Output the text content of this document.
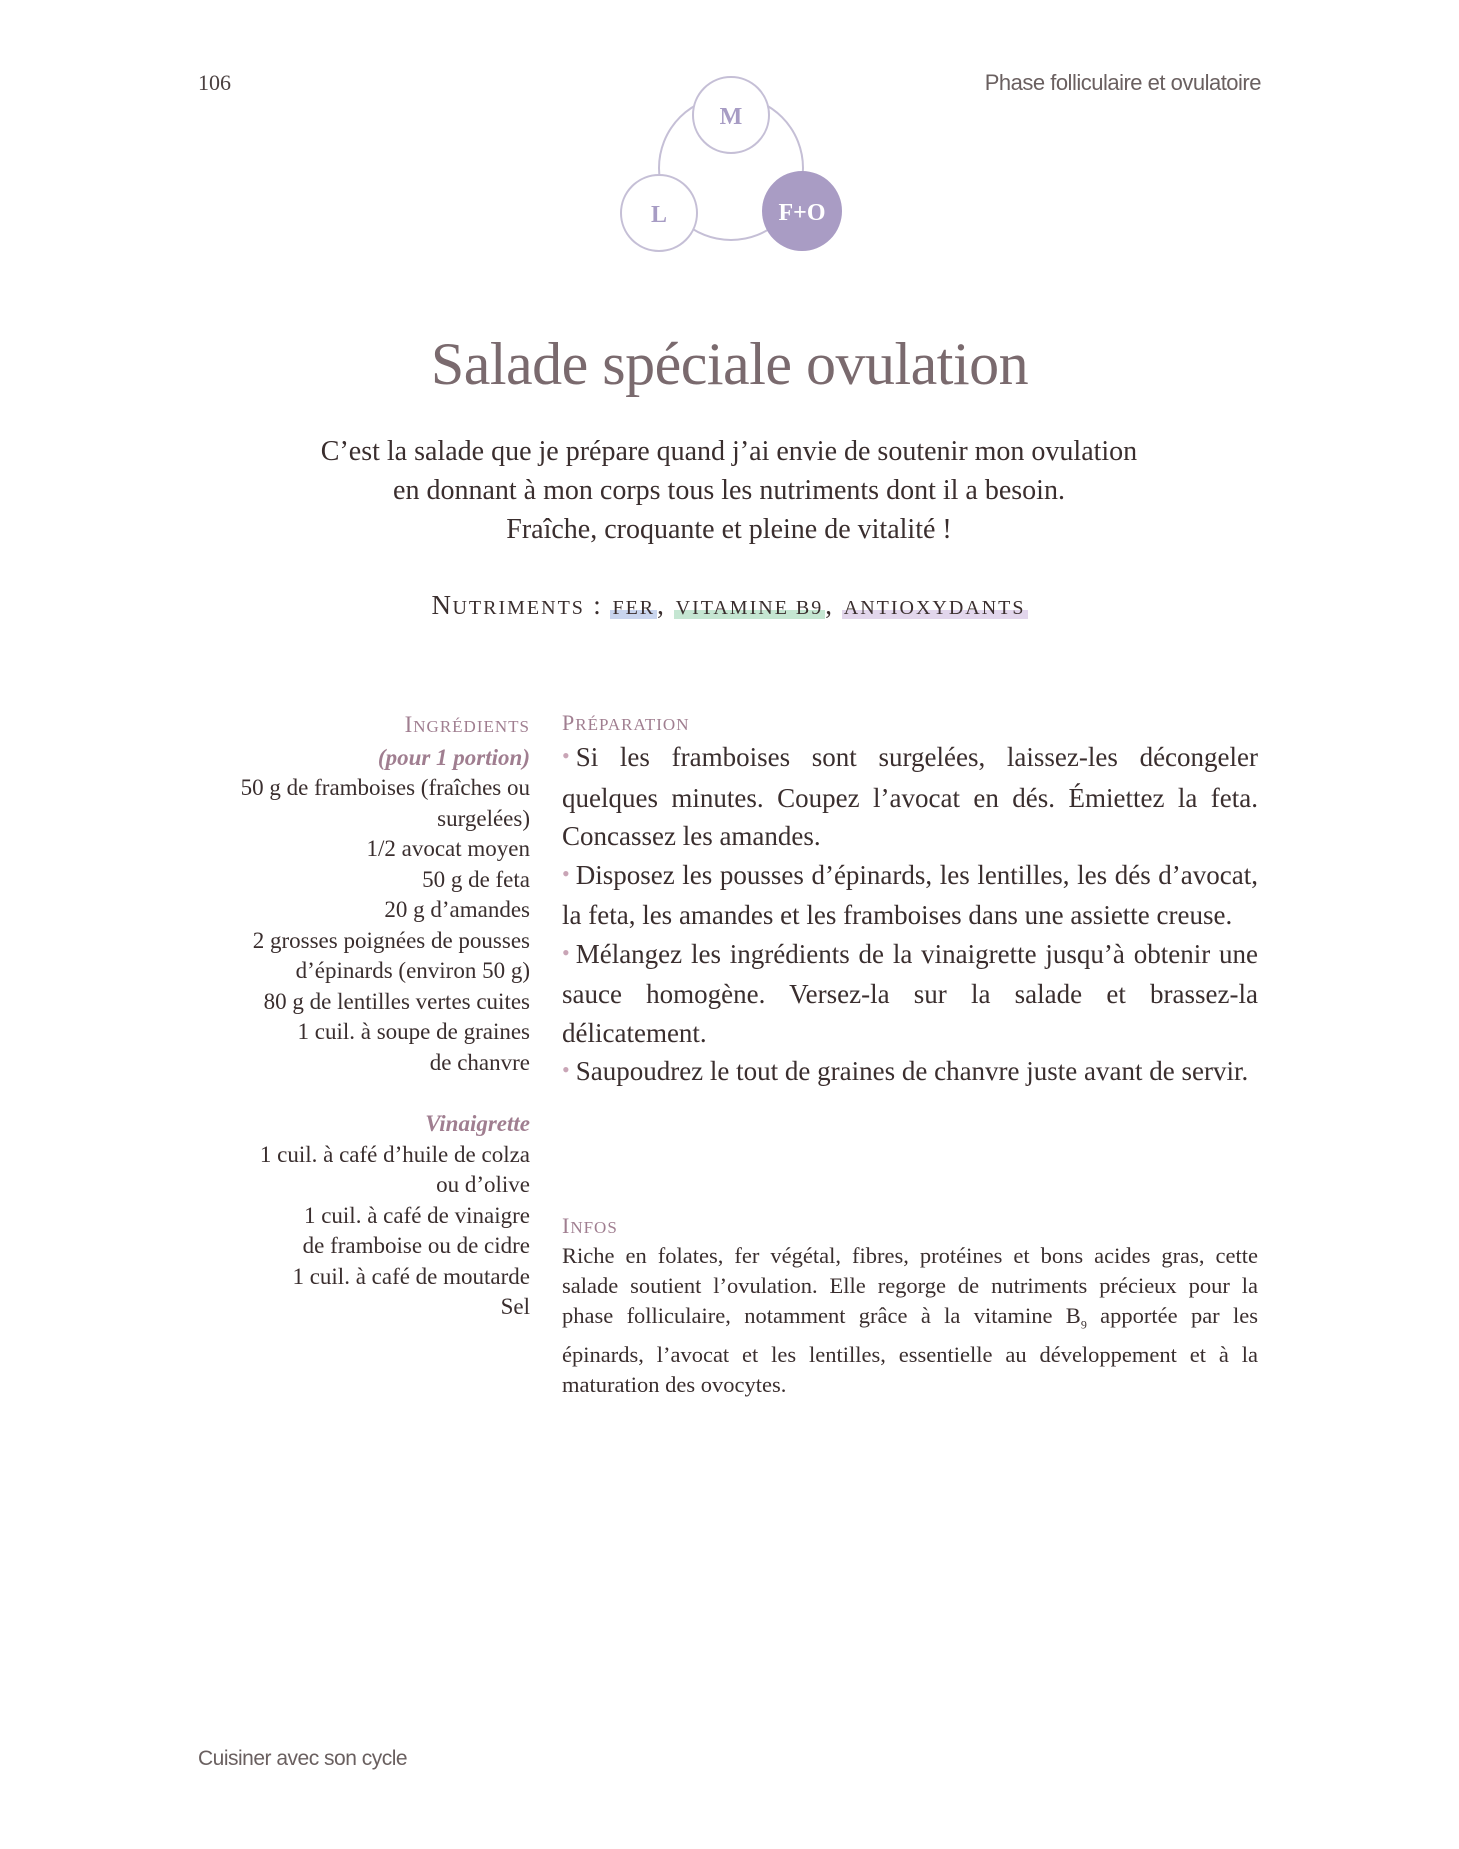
106	Phase folliculaire et ovulatoire
M
L	F+O
Salade spéciale ovulation
C’est la salade que je prépare quand j’ai envie de soutenir mon ovulation
en donnant à mon corps tous les nutriments dont il a besoin.
Fraîche, croquante et pleine de vitalité !
NUTRIMENTS : FER, VITAMINE B9, ANTIOXYDANTS
INGRÉDIENTS
(pour 1 portion)
50 g de framboises (fraîches ou
surgelées)
1/2 avocat moyen
50 g de feta
20 g d’amandes
2 grosses poignées de pousses
d’épinards (environ 50 g)
80 g de lentilles vertes cuites
1 cuil. à soupe de graines
de chanvre
Vinaigrette
1 cuil. à café d’huile de colza
ou d’olive
1 cuil. à café de vinaigre
de framboise ou de cidre
1 cuil. à café de moutarde
Sel
PRÉPARATION

• Si les framboises sont surgelées, laissez-les décongeler quelques minutes. Coupez l’avocat en dés. Émiettez la feta. Concassez les amandes.

• Disposez les pousses d’épinards, les lentilles, les dés d’avocat, la feta, les amandes et les framboises dans une assiette creuse.

• Mélangez les ingrédients de la vinaigrette jusqu’à obtenir une sauce homogène. Versez-la sur la salade et brassez-la délicatement.

• Saupoudrez le tout de graines de chanvre juste avant de servir.

INFOS
Riche en folates, fer végétal, fibres, protéines et bons acides gras, cette salade soutient l’ovulation. Elle regorge de nutriments précieux pour la phase folliculaire, notamment grâce à la vitamine $B_9$ apportée par les épinards, l’avocat et les lentilles, essentielle au développement et à la maturation des ovocytes.
Cuisiner avec son cycle
